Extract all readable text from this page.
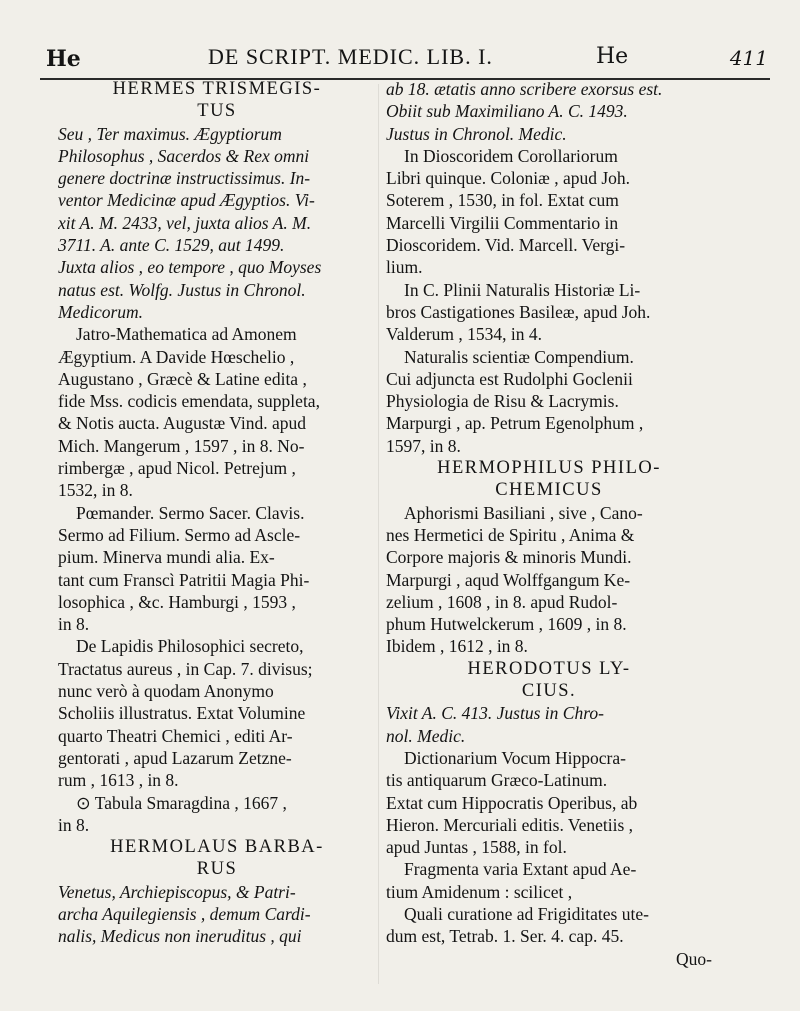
He	DE SCRIPT. MEDIC. LIB. I.	He	411
HERMES TRISMEGIS-
TUS
Seu , Ter maximus. Ægyptiorum
Philosophus , Sacerdos & Rex omni
genere doctrinæ instructissimus. In-
ventor Medicinæ apud Ægyptios. Vi-
xit A. M. 2433, vel, juxta alios A. M.
3711. A. ante C. 1529, aut 1499.
Juxta alios , eo tempore , quo Moyses
natus est. Wolfg. Justus in Chronol.
Medicorum.
Jatro-Mathematica ad Amonem
Ægyptium. A Davide Hœschelio ,
Augustano , Græcè & Latine edita ,
fide Mss. codicis emendata, suppleta,
& Notis aucta. Augustæ Vind. apud
Mich. Mangerum , 1597 , in 8. No-
rimbergæ , apud Nicol. Petrejum ,
1532, in 8.
Pœmander. Sermo Sacer. Clavis.
Sermo ad Filium. Sermo ad Ascle-
pium. Minerva mundi alia. Ex-
tant cum Franscì Patritii Magia Phi-
losophica , &c. Hamburgi , 1593 ,
in 8.
De Lapidis Philosophici secreto,
Tractatus aureus , in Cap. 7. divisus;
nunc verò à quodam Anonymo
Scholiis illustratus. Extat Volumine
quarto Theatri Chemici , editi Ar-
gentorati , apud Lazarum Zetzne-
rum , 1613 , in 8.
⊙ Tabula Smaragdina , 1667 ,
in 8.
HERMOLAUS BARBA-
RUS
Venetus, Archiepiscopus, & Patri-
archa Aquilegiensis , demum Cardi-
nalis, Medicus non ineruditus , qui
ab 18. ætatis anno scribere exorsus est.
Obiit sub Maximiliano A. C. 1493.
Justus in Chronol. Medic.
In Dioscoridem Corollariorum
Libri quinque. Coloniæ , apud Joh.
Soterem , 1530, in fol. Extat cum
Marcelli Virgilii Commentario in
Dioscoridem. Vid. Marcell. Vergi-
lium.
In C. Plinii Naturalis Historiæ Li-
bros Castigationes Basileæ, apud Joh.
Valderum , 1534, in 4.
Naturalis scientiæ Compendium.
Cui adjuncta est Rudolphi Goclenii
Physiologia de Risu & Lacrymis.
Marpurgi , ap. Petrum Egenolphum ,
1597, in 8.
HERMOPHILUS PHILO-
CHEMICUS
Aphorismi Basiliani , sive , Cano-
nes Hermetici de Spiritu , Anima &
Corpore majoris & minoris Mundi.
Marpurgi , aqud Wolffgangum Ke-
zelium , 1608 , in 8. apud Rudol-
phum Hutwelckerum , 1609 , in 8.
Ibidem , 1612 , in 8.
HERODOTUS LY-
CIUS.
Vixit A. C. 413. Justus in Chro-
nol. Medic.
Dictionarium Vocum Hippocra-
tis antiquarum Græco-Latinum.
Extat cum Hippocratis Operibus, ab
Hieron. Mercuriali editis. Venetiis ,
apud Juntas , 1588, in fol.
Fragmenta varia Extant apud Ae-
tium Amidenum : scilicet ,
Quali curatione ad Frigiditates ute-
dum est, Tetrab. 1. Ser. 4. cap. 45.
Quo-
